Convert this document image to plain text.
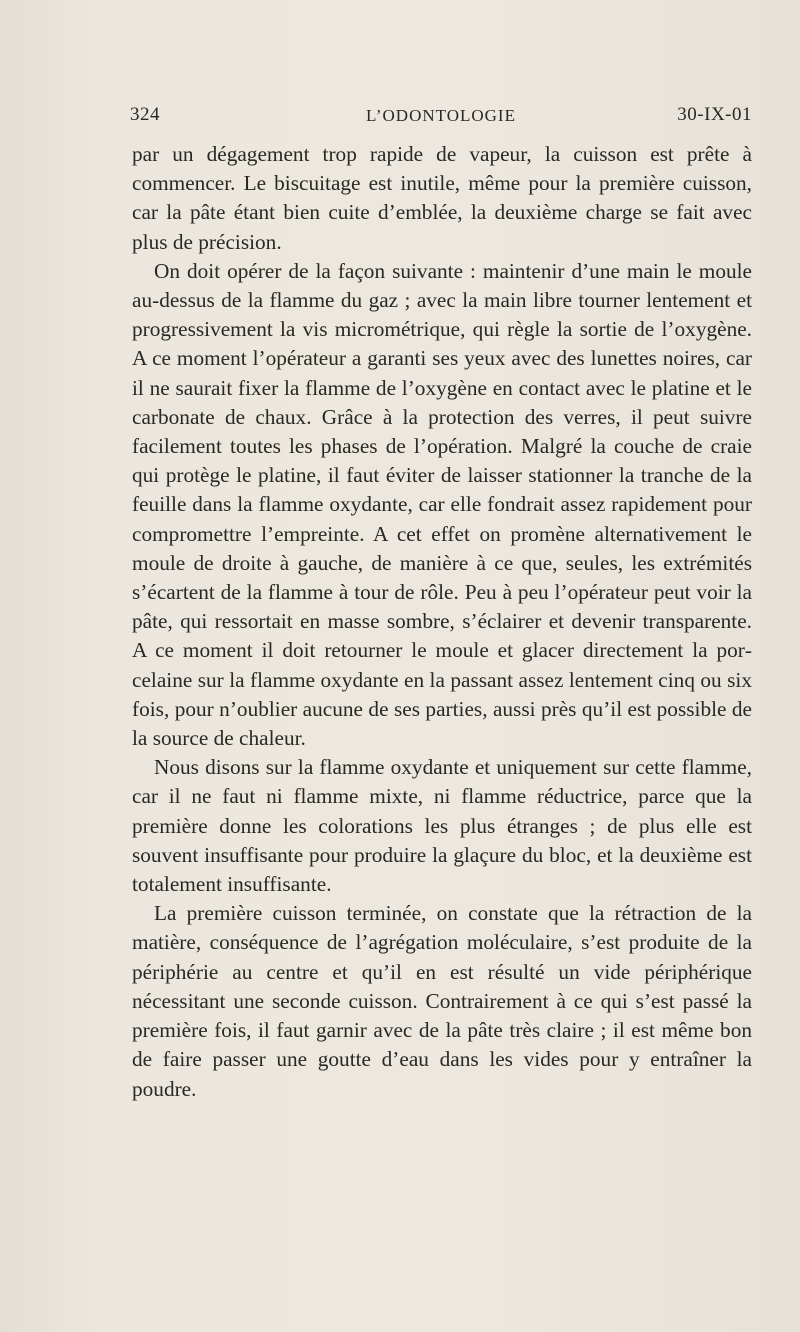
324	L’ODONTOLOGIE	30-IX-01

par un dégagement trop rapide de vapeur, la cuisson est prête à commencer. Le biscuitage est inutile, même pour la première cuisson, car la pâte étant bien cuite d’emblée, la deuxième charge se fait avec plus de précision.

On doit opérer de la façon suivante : maintenir d’une main le moule au-dessus de la flamme du gaz ; avec la main libre tourner lentement et progressivement la vis micrométrique, qui règle la sortie de l’oxygène. A ce moment l’opérateur a garanti ses yeux avec des lunettes noires, car il ne saurait fixer la flamme de l’oxygène en contact avec le platine et le carbonate de chaux. Grâce à la protection des verres, il peut suivre facilement toutes les phases de l’opération. Malgré la couche de craie qui protège le platine, il faut éviter de laisser stationner la tranche de la feuille dans la flamme oxydante, car elle fondrait assez rapidement pour compromettre l’empreinte. A cet effet on promène alternativement le moule de droite à gauche, de manière à ce que, seules, les extrémités s’écartent de la flamme à tour de rôle. Peu à peu l’opérateur peut voir la pâte, qui ressortait en masse sombre, s’éclairer et devenir transparente. A ce moment il doit retourner le moule et glacer directement la porcelaine sur la flamme oxydante en la passant assez lentement cinq ou six fois, pour n’oublier aucune de ses parties, aussi près qu’il est possible de la source de chaleur.

Nous disons sur la flamme oxydante et uniquement sur cette flamme, car il ne faut ni flamme mixte, ni flamme réductrice, parce que la première donne les colorations les plus étranges ; de plus elle est souvent insuffisante pour produire la glaçure du bloc, et la deuxième est totalement insuffisante.

La première cuisson terminée, on constate que la rétraction de la matière, conséquence de l’agrégation moléculaire, s’est produite de la périphérie au centre et qu’il en est résulté un vide périphérique nécessitant une seconde cuisson. Contrairement à ce qui s’est passé la première fois, il faut garnir avec de la pâte très claire ; il est même bon de faire passer une goutte d’eau dans les vides pour y entraîner la poudre.
